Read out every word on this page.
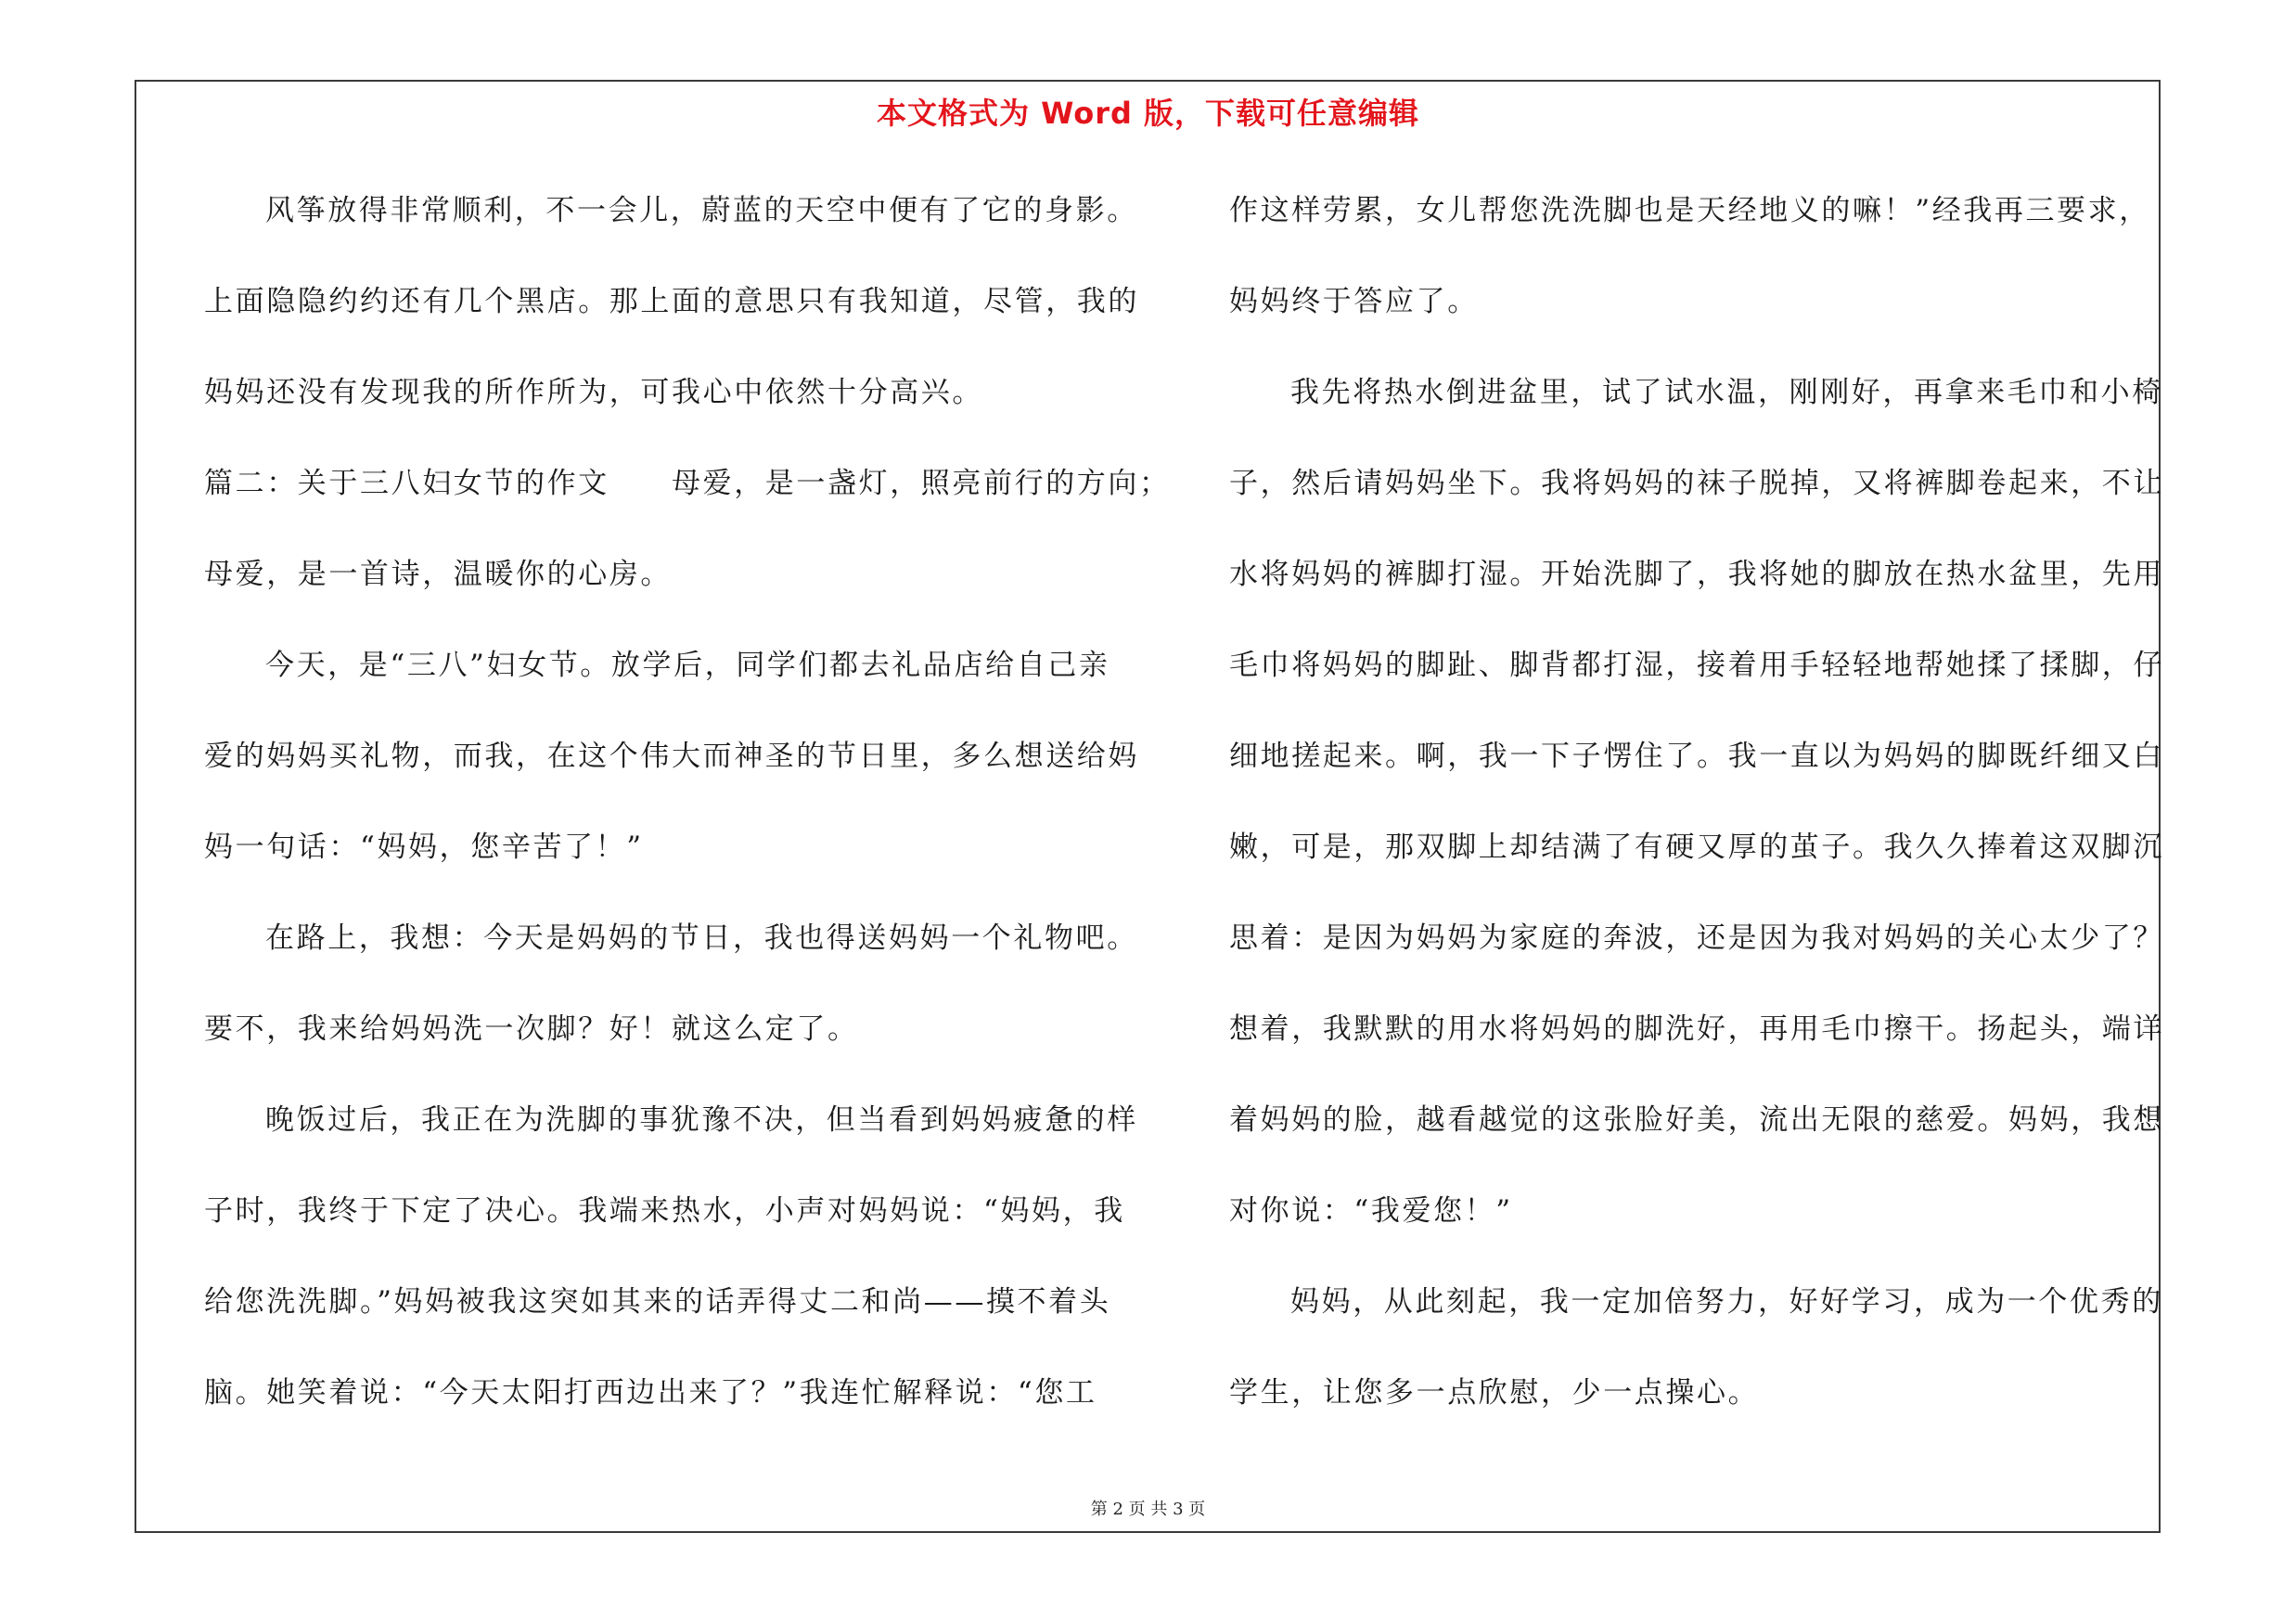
本文格式为 Word 版，下载可任意编辑
风筝放得非常顺利，不一会儿，蔚蓝的天空中便有了它的身影。
上面隐隐约约还有几个黑店。那上面的意思只有我知道，尽管，我的
妈妈还没有发现我的所作所为，可我心中依然十分高兴。
篇二：关于三八妇女节的作文　　母爱，是一盏灯，照亮前行的方向；
母爱，是一首诗，温暖你的心房。
今天，是“三八”妇女节。放学后，同学们都去礼品店给自己亲
爱的妈妈买礼物，而我，在这个伟大而神圣的节日里，多么想送给妈
妈一句话：“妈妈，您辛苦了！”
在路上，我想：今天是妈妈的节日，我也得送妈妈一个礼物吧。
要不，我来给妈妈洗一次脚？好！就这么定了。
晚饭过后，我正在为洗脚的事犹豫不决，但当看到妈妈疲惫的样
子时，我终于下定了决心。我端来热水，小声对妈妈说：“妈妈，我
给您洗洗脚。”妈妈被我这突如其来的话弄得丈二和尚——摸不着头
脑。她笑着说：“今天太阳打西边出来了？”我连忙解释说：“您工
作这样劳累，女儿帮您洗洗脚也是天经地义的嘛！”经我再三要求，
妈妈终于答应了。
我先将热水倒进盆里，试了试水温，刚刚好，再拿来毛巾和小椅
子，然后请妈妈坐下。我将妈妈的袜子脱掉，又将裤脚卷起来，不让
水将妈妈的裤脚打湿。开始洗脚了，我将她的脚放在热水盆里，先用
毛巾将妈妈的脚趾、脚背都打湿，接着用手轻轻地帮她揉了揉脚，仔
细地搓起来。啊，我一下子愣住了。我一直以为妈妈的脚既纤细又白
嫩，可是，那双脚上却结满了有硬又厚的茧子。我久久捧着这双脚沉
思着：是因为妈妈为家庭的奔波，还是因为我对妈妈的关心太少了？
想着，我默默的用水将妈妈的脚洗好，再用毛巾擦干。扬起头，端详
着妈妈的脸，越看越觉的这张脸好美，流出无限的慈爱。妈妈，我想
对你说：“我爱您！”
妈妈，从此刻起，我一定加倍努力，好好学习，成为一个优秀的
学生，让您多一点欣慰，少一点操心。
第 2 页 共 3 页
